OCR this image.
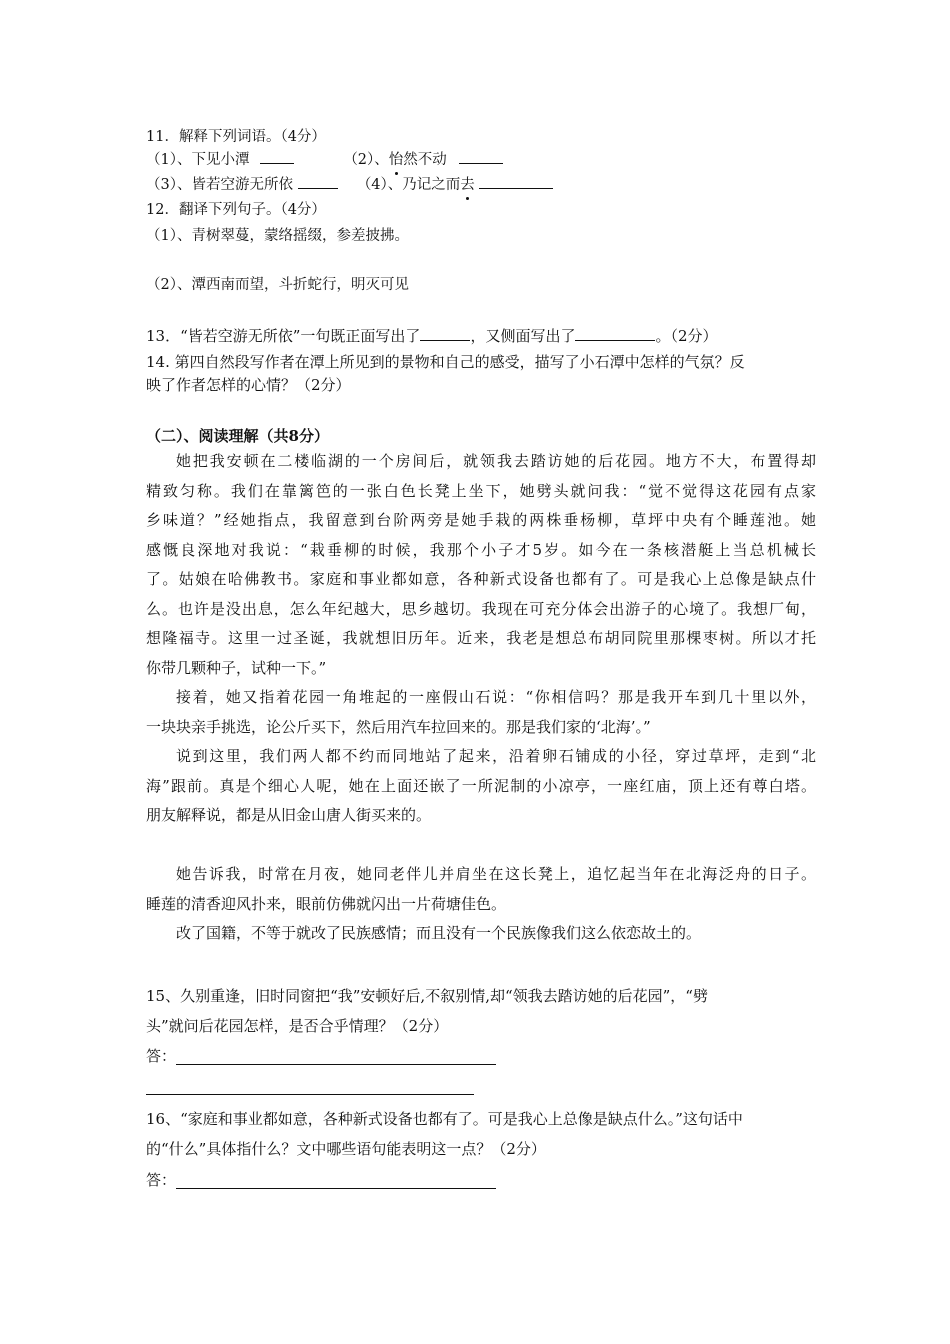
11．解释下列词语。（4分）
（1）、下见小潭	（2）、怡然不动
（3）、皆若空游无所依	（4）、乃记之而去
12．翻译下列句子。（4分）
（1）、青树翠蔓，蒙络摇缀，参差披拂。
（2）、潭西南而望，斗折蛇行，明灭可见
13．“皆若空游无所依”一句既正面写出了	，又侧面写出了	。（2分）
14. 第四自然段写作者在潭上所见到的景物和自己的感受，描写了小石潭中怎样的气氛？反
映了作者怎样的心情？（2分）
（二）、阅读理解（共8分）
她把我安顿在二楼临湖的一个房间后，就领我去踏访她的后花园。地方不大，布置得却
精致匀称。我们在靠篱笆的一张白色长凳上坐下，她劈头就问我：“觉不觉得这花园有点家
乡味道？”经她指点，我留意到台阶两旁是她手栽的两株垂杨柳，草坪中央有个睡莲池。她
感慨良深地对我说：“栽垂柳的时候，我那个小子才5岁。如今在一条核潜艇上当总机械长
了。姑娘在哈佛教书。家庭和事业都如意，各种新式设备也都有了。可是我心上总像是缺点什
么。也许是没出息，怎么年纪越大，思乡越切。我现在可充分体会出游子的心境了。我想厂甸，
想隆福寺。这里一过圣诞，我就想旧历年。近来，我老是想总布胡同院里那棵枣树。所以才托
你带几颗种子，试种一下。”
接着，她又指着花园一角堆起的一座假山石说：“你相信吗？那是我开车到几十里以外，
一块块亲手挑选，论公斤买下，然后用汽车拉回来的。那是我们家的‘北海’。”
说到这里，我们两人都不约而同地站了起来，沿着卵石铺成的小径，穿过草坪，走到“北
海”跟前。真是个细心人呢，她在上面还嵌了一所泥制的小凉亭，一座红庙，顶上还有尊白塔。
朋友解释说，都是从旧金山唐人街买来的。
她告诉我，时常在月夜，她同老伴儿并肩坐在这长凳上，追忆起当年在北海泛舟的日子。
睡莲的清香迎风扑来，眼前仿佛就闪出一片荷塘佳色。
改了国籍，不等于就改了民族感情；而且没有一个民族像我们这么依恋故土的。
15、久别重逢，旧时同窗把“我”安顿好后,不叙别情,却“领我去踏访她的后花园”，“劈
头”就问后花园怎样，是否合乎情理？（2分）
答：
16、“家庭和事业都如意，各种新式设备也都有了。可是我心上总像是缺点什么。”这句话中
的“什么”具体指什么？文中哪些语句能表明这一点？（2分）
答：
